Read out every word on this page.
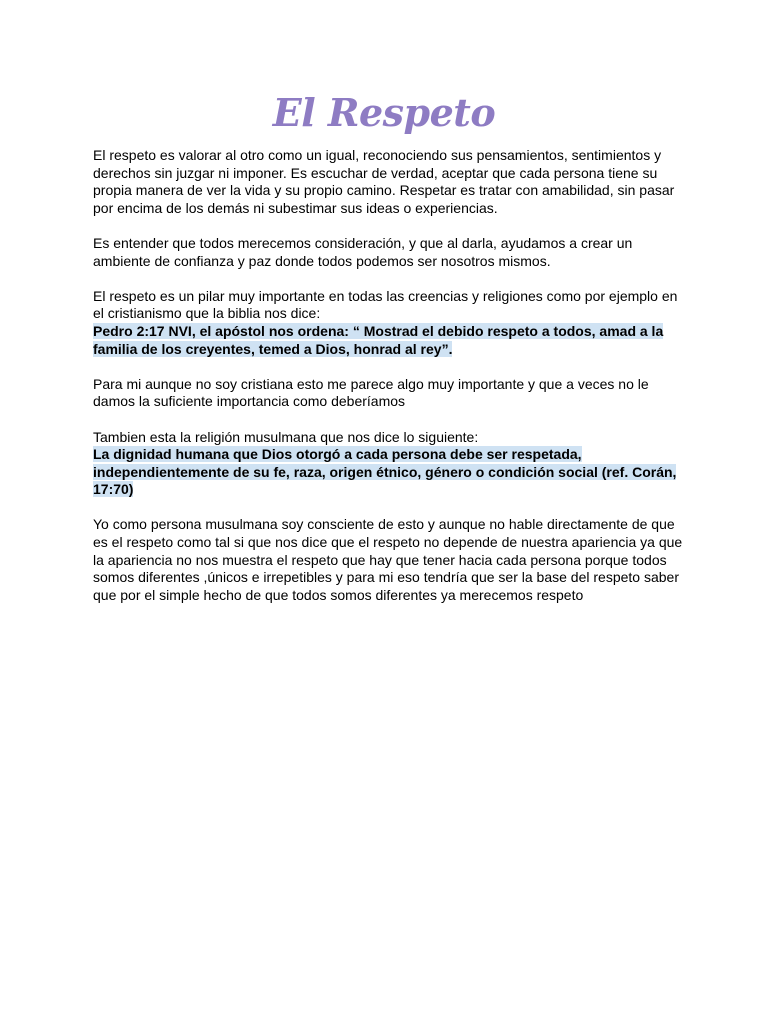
El Respeto

El respeto es valorar al otro como un igual, reconociendo sus pensamientos, sentimientos y derechos sin juzgar ni imponer. Es escuchar de verdad, aceptar que cada persona tiene su propia manera de ver la vida y su propio camino. Respetar es tratar con amabilidad, sin pasar por encima de los demás ni subestimar sus ideas o experiencias.

Es entender que todos merecemos consideración, y que al darla, ayudamos a crear un ambiente de confianza y paz donde todos podemos ser nosotros mismos.

El respeto es un pilar muy importante en todas las creencias y religiones como por ejemplo en el cristianismo que la biblia nos dice:
Pedro 2:17 NVI, el apóstol nos ordena: “ Mostrad el debido respeto a todos, amad a la familia de los creyentes, temed a Dios, honrad al rey”.

Para mi aunque no soy cristiana esto me parece algo muy importante y que a veces no le damos la suficiente importancia como deberíamos

Tambien esta la religión musulmana que nos dice lo siguiente:
La dignidad humana que Dios otorgó a cada persona debe ser respetada, independientemente de su fe, raza, origen étnico, género o condición social (ref. Corán, 17:70)

Yo como persona musulmana soy consciente de esto y aunque no hable directamente de que es el respeto como tal si que nos dice que el respeto no depende de nuestra apariencia ya que la apariencia no nos muestra el respeto que hay que tener hacia cada persona porque todos somos diferentes ,únicos e irrepetibles y para mi eso tendría que ser la base del respeto saber que por el simple hecho de que todos somos diferentes ya merecemos respeto
